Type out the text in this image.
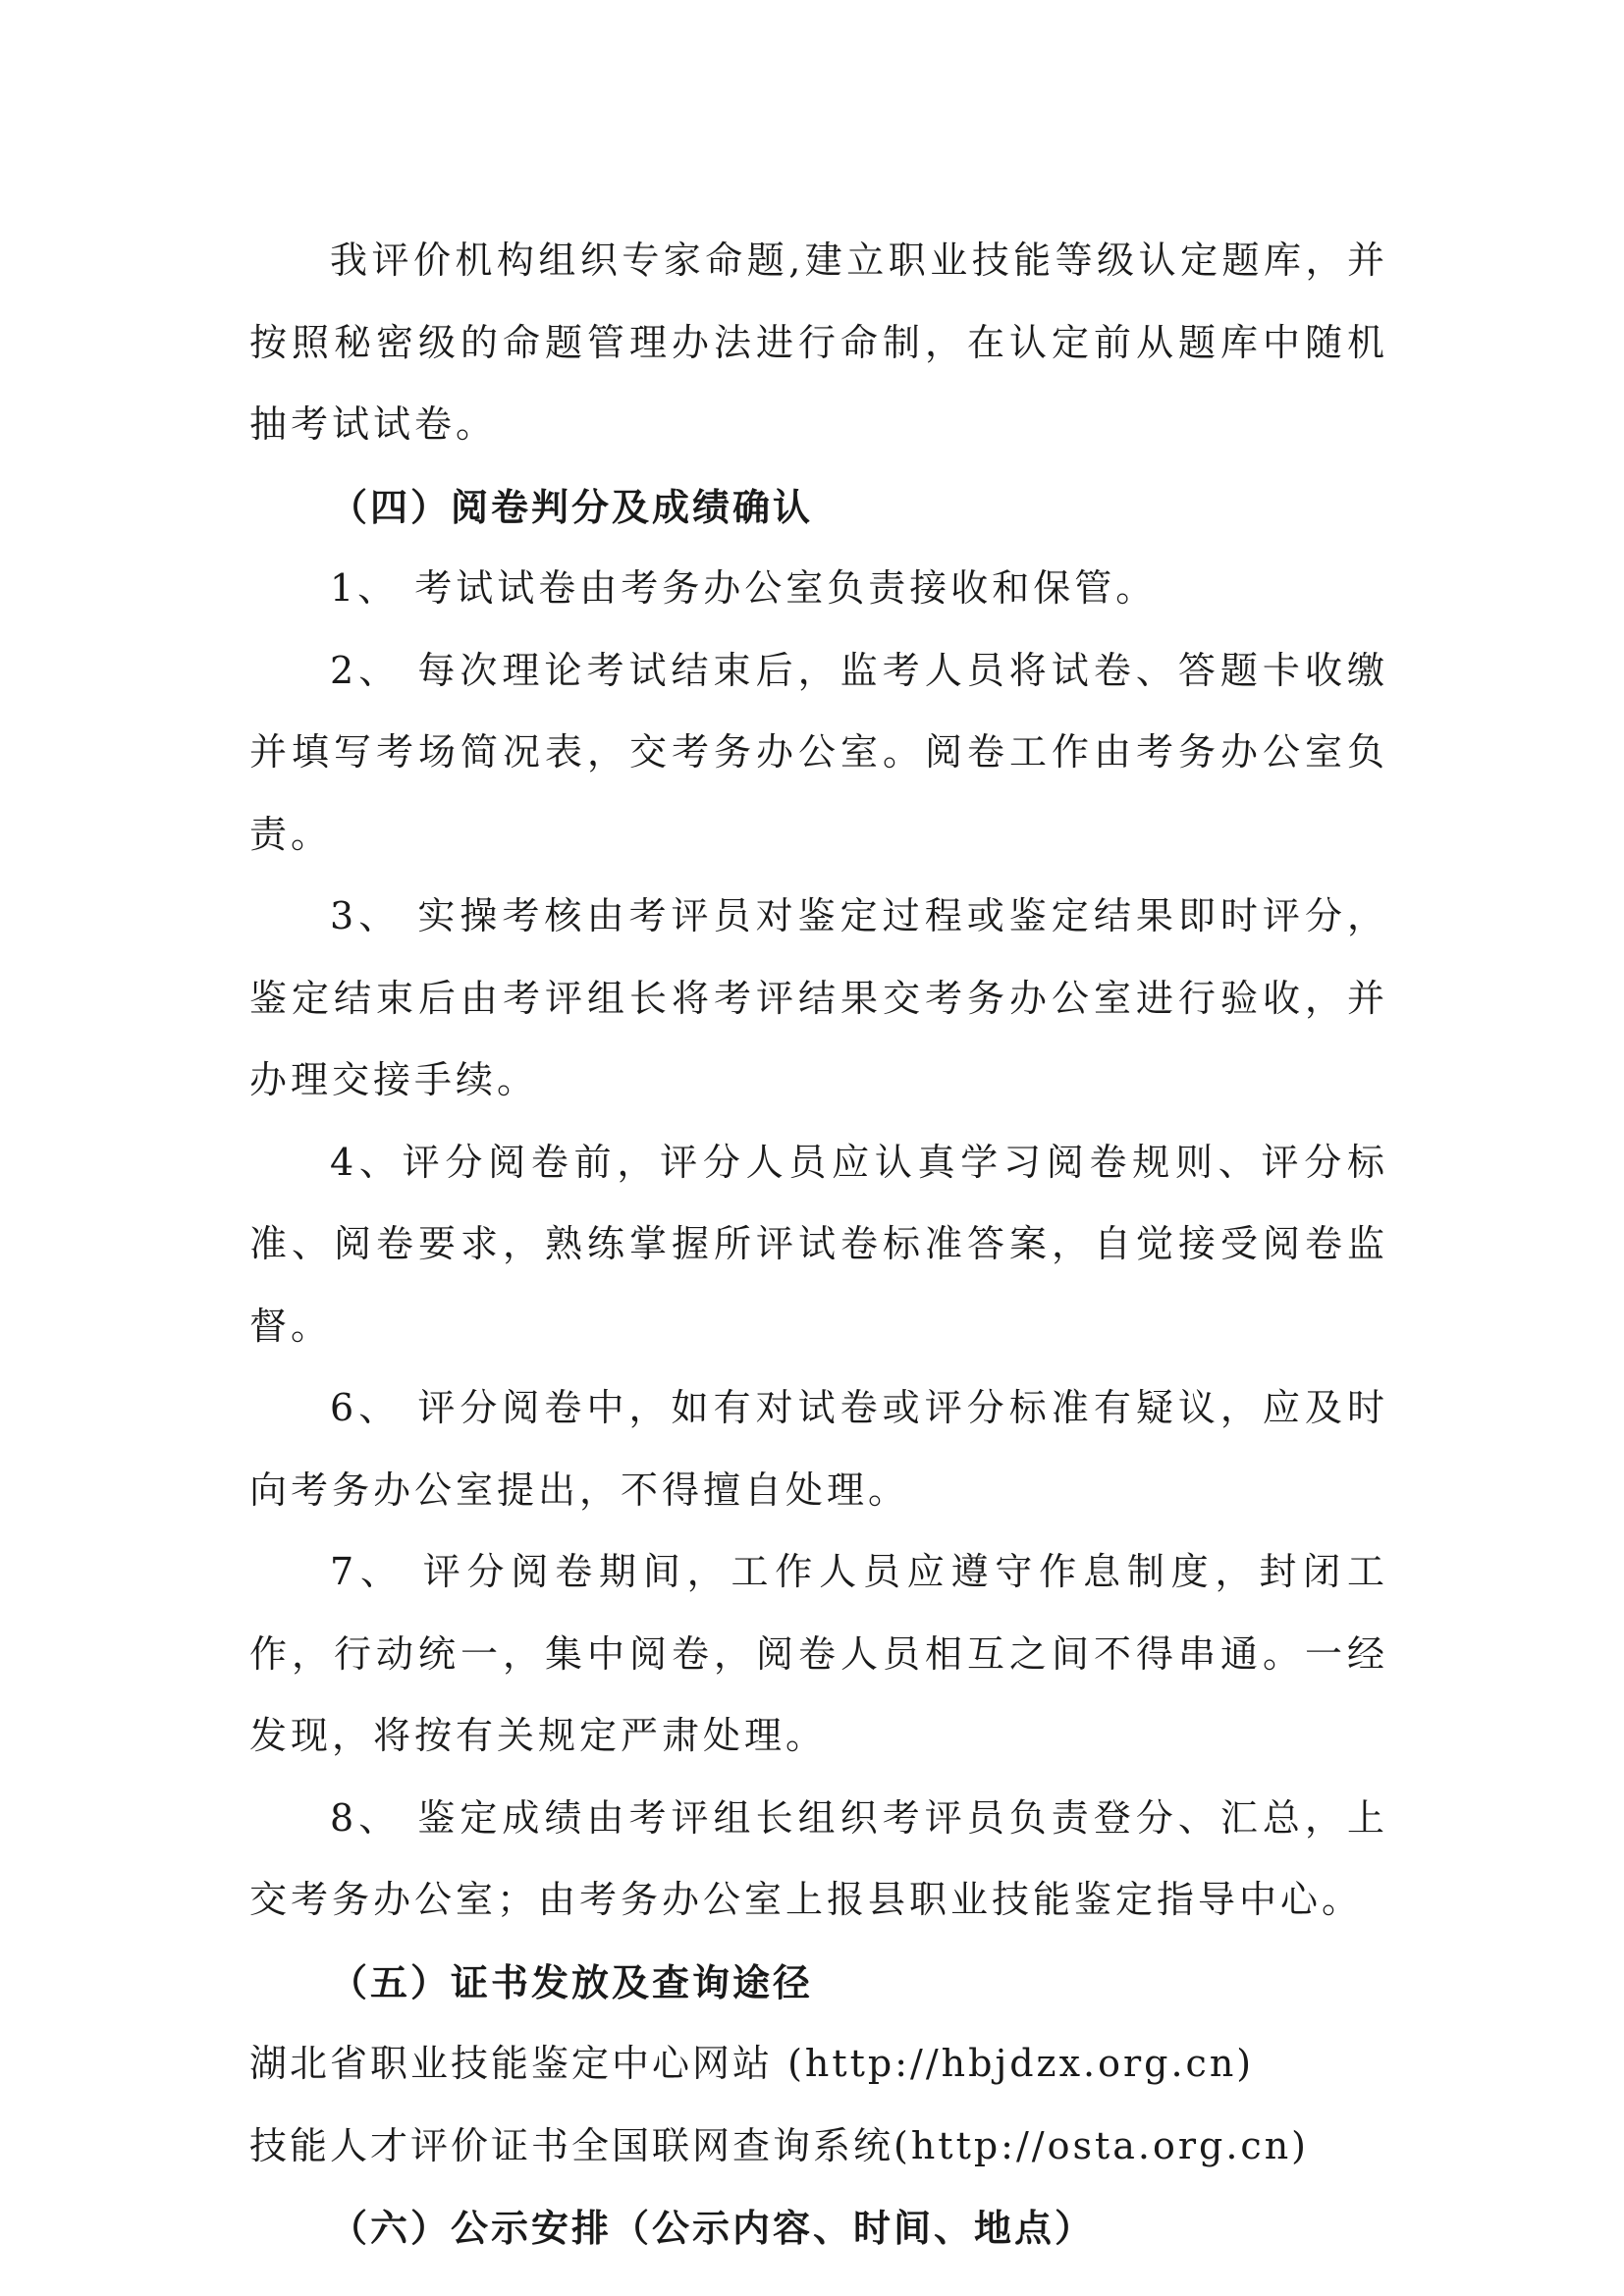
我评价机构组织专家命题,建立职业技能等级认定题库，并按照秘密级的命题管理办法进行命制，在认定前从题库中随机抽考试试卷。

（四）阅卷判分及成绩确认

1、 考试试卷由考务办公室负责接收和保管。

2、 每次理论考试结束后，监考人员将试卷、答题卡收缴并填写考场简况表，交考务办公室。阅卷工作由考务办公室负责。

3、 实操考核由考评员对鉴定过程或鉴定结果即时评分，鉴定结束后由考评组长将考评结果交考务办公室进行验收，并办理交接手续。

4、评分阅卷前，评分人员应认真学习阅卷规则、评分标准、阅卷要求，熟练掌握所评试卷标准答案，自觉接受阅卷监督。

6、 评分阅卷中，如有对试卷或评分标准有疑议，应及时向考务办公室提出，不得擅自处理。

7、 评分阅卷期间，工作人员应遵守作息制度，封闭工作，行动统一，集中阅卷，阅卷人员相互之间不得串通。一经发现，将按有关规定严肃处理。

8、 鉴定成绩由考评组长组织考评员负责登分、汇总，上交考务办公室；由考务办公室上报县职业技能鉴定指导中心。

（五）证书发放及查询途径

湖北省职业技能鉴定中心网站 (http://hbjdzx.org.cn)

技能人才评价证书全国联网查询系统(http://osta.org.cn)

（六）公示安排（公示内容、时间、地点）
